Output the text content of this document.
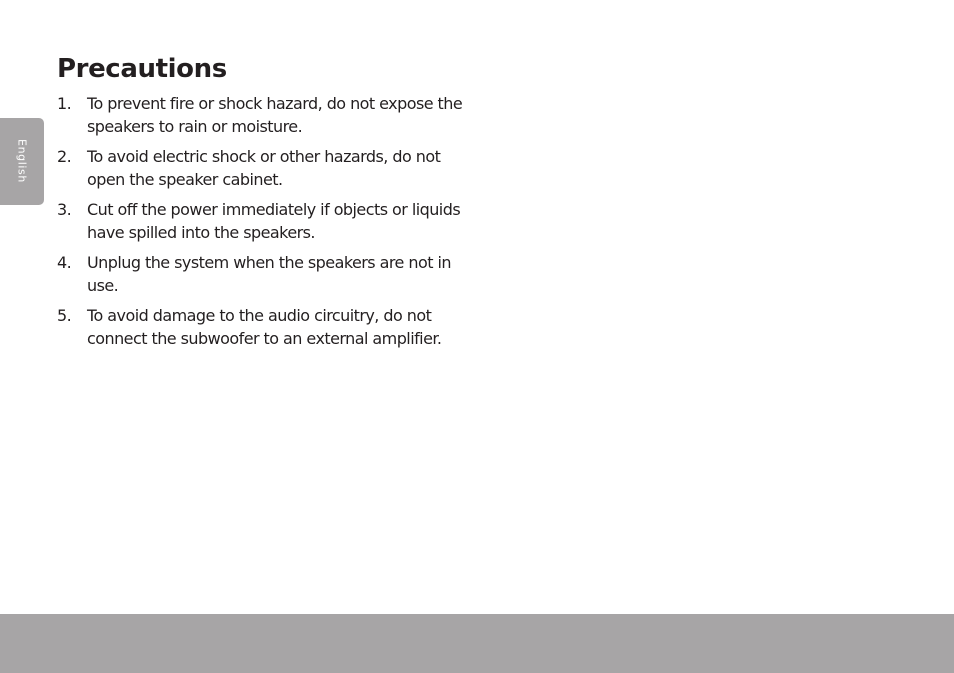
English
Precautions
1. To prevent fire or shock hazard, do not expose the speakers to rain or moisture.
2. To avoid electric shock or other hazards, do not open the speaker cabinet.
3. Cut off the power immediately if objects or liquids have spilled into the speakers.
4. Unplug the system when the speakers are not in use.
5. To avoid damage to the audio circuitry, do not connect the subwoofer to an external amplifier.
